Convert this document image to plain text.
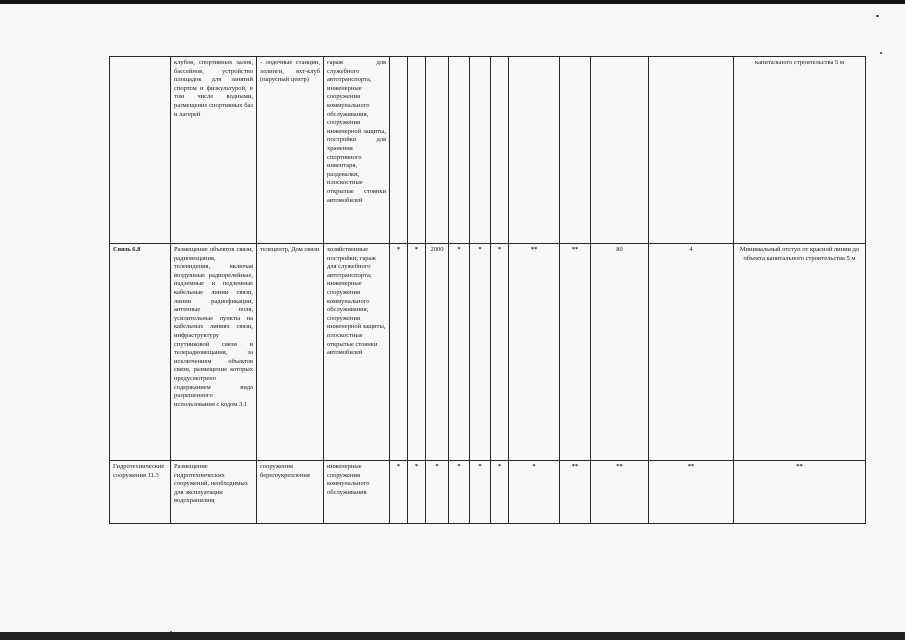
	клубов, спортивных залов, бассейнов, устройство площадок для занятий спортом и физкультурой, в том числе водными, размещение спортивных баз и лагерей	- лодочные станции, эллинги, яхт-клуб (парусный центр)	гараж для служебного автотранспорта, инженерные сооружения коммунального обслуживания, сооружения инженерной защиты, постройки для хранения спортивного инвентаря, раздевалки, плоскостные открытые стоянки автомобилей											капитального строительства 5 м
Связь 6.8	Размещение объектов связи, радиовещания, телевидения, включая воздушные радиорелейные, надземные и подземные кабельные линии связи, линии радиофикации, антенные поля, усилительные пункты на кабельных линиях связи, инфраструктуру спутниковой связи и телерадиовещания, за исключением объектов связи, размещение которых предусмотрено содержанием вида разрешенного использования с кодом 3.1	телецентр, Дом связи	хозяйственные постройки; гараж для служебного автотранспорта; инженерные сооружения коммунального обслуживания; сооружения инженерной защиты, плоскостные открытые стоянки автомобилей	*	*	2000	*	*	*	**	**	80	4	Минимальный отступ от красной линии до объекта капитального строительства 5 м
Гидротехнические сооружения 11.3	Размещение гидротехнических сооружений, необходимых для эксплуатации водохранилищ	сооружения берегоукрепления	инженерные сооружения коммунального обслуживания	*	*	*	*	*	*	*	**	**	**	**
